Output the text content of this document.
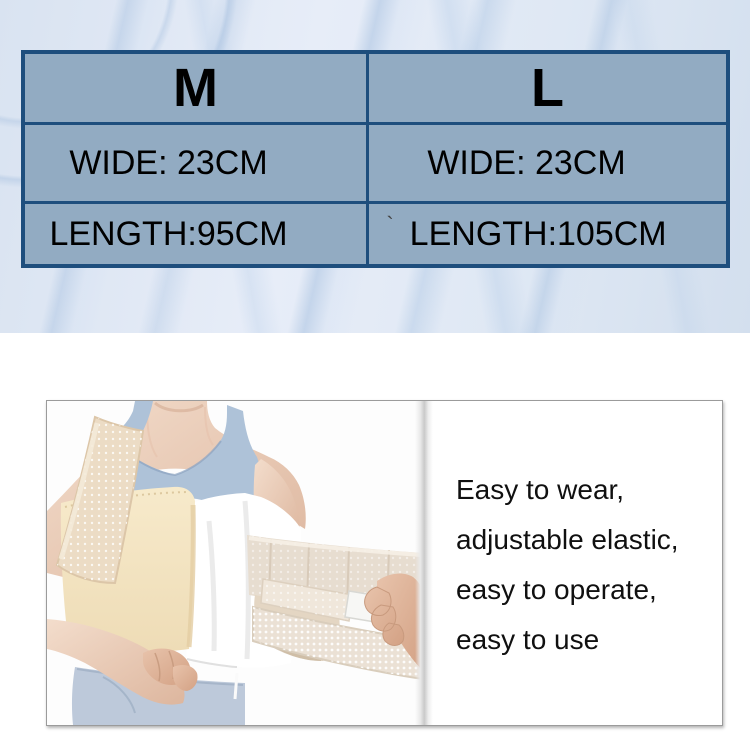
M	L
WIDE: 23CM	WIDE: 23CM
LENGTH:95CM	` LENGTH:105CM
Easy to wear,
adjustable elastic,
easy to operate,
easy to use
